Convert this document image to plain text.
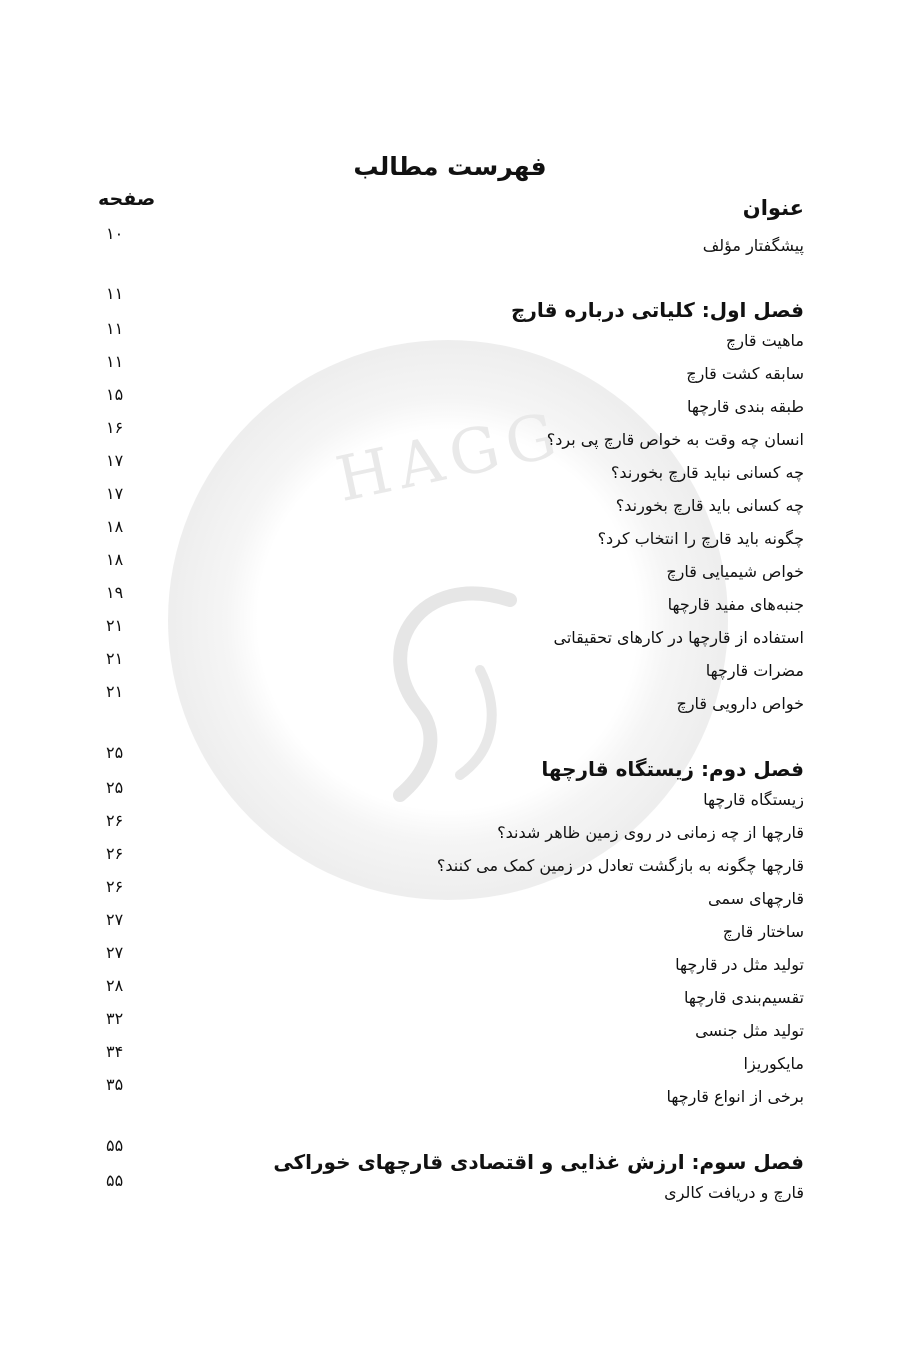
HAGG
فهرست مطالب
عنوان
صفحه
پیشگفتار مؤلف
۱۰
فصل اول: کلیاتی درباره قارچ
۱۱
ماهیت قارچ
۱۱
سابقه کشت قارچ
۱۱
طبقه بندی قارچها
۱۵
انسان چه وقت به خواص قارچ پی برد؟
۱۶
چه کسانی نباید قارچ بخورند؟
۱۷
چه کسانی باید قارچ بخورند؟
۱۷
چگونه باید قارچ را انتخاب کرد؟
۱۸
خواص شیمیایی قارچ
۱۸
جنبه‌های مفید قارچها
۱۹
استفاده از قارچها در کارهای تحقیقاتی
۲۱
مضرات قارچها
۲۱
خواص دارویی قارچ
۲۱
فصل دوم: زیستگاه قارچها
۲۵
زیستگاه قارچها
۲۵
قارچها از چه زمانی در روی زمین ظاهر شدند؟
۲۶
قارچها چگونه به بازگشت تعادل در زمین کمک می کنند؟
۲۶
قارچهای سمی
۲۶
ساختار قارچ
۲۷
تولید مثل در قارچها
۲۷
تقسیم‌بندی قارچها
۲۸
تولید مثل جنسی
۳۲
مایکوریزا
۳۴
برخی از انواع قارچها
۳۵
فصل سوم: ارزش غذایی و اقتصادی قارچهای خوراکی
۵۵
قارچ و دریافت کالری
۵۵
